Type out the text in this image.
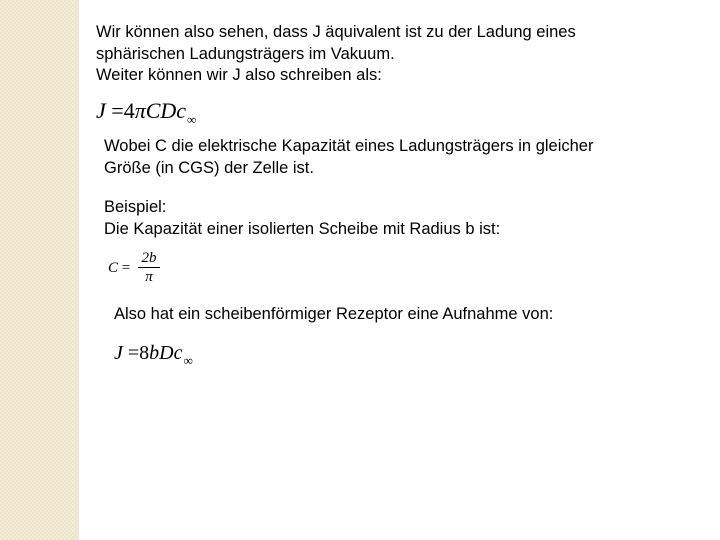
Wir können also sehen, dass J äquivalent ist zu der Ladung eines
sphärischen Ladungsträgers im Vakuum.
Weiter können wir J also schreiben als:
J =4πCDc$_\infty$
Wobei C die elektrische Kapazität eines Ladungsträgers in gleicher
Größe (in CGS) der Zelle ist.
Beispiel:
Die Kapazität einer isolierten Scheibe mit Radius b ist:
C =
2b
π
Also hat ein scheibenförmiger Rezeptor eine Aufnahme von:
J =8bDc$_\infty$
